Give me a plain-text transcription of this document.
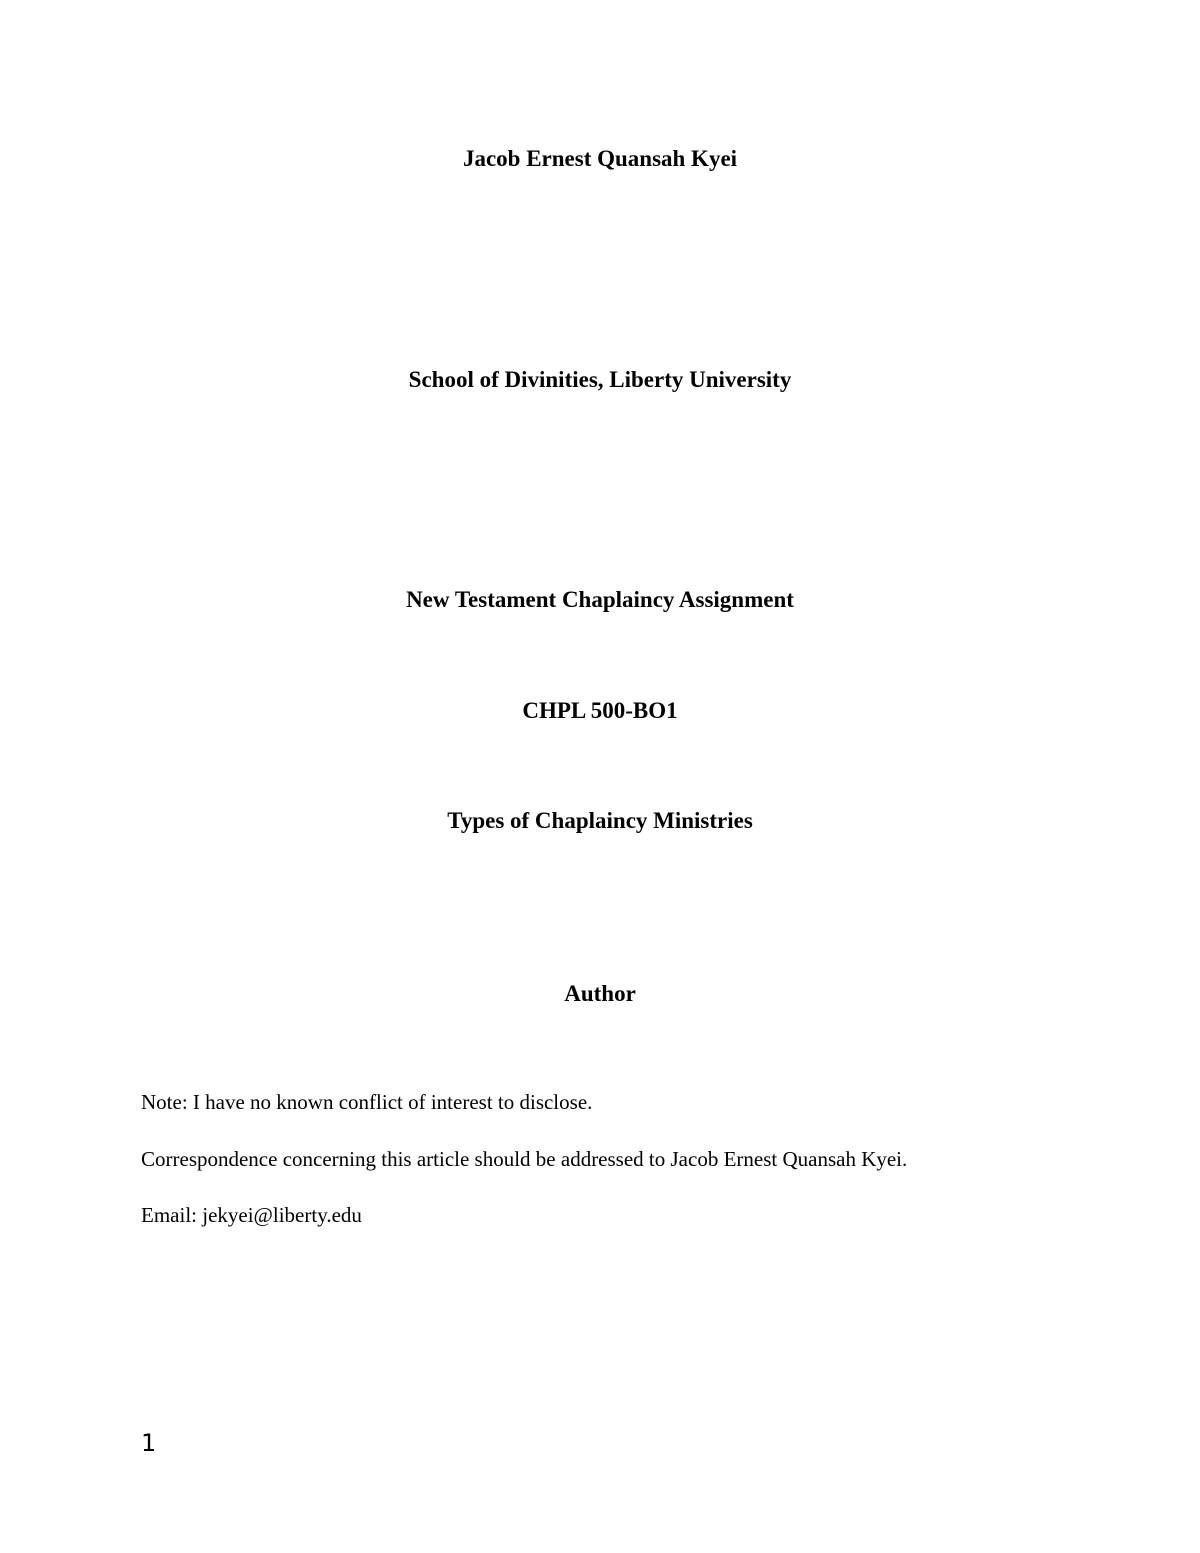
Jacob Ernest Quansah Kyei
School of Divinities, Liberty University
New Testament Chaplaincy Assignment
CHPL 500-BO1
Types of Chaplaincy Ministries
Author
Note: I have no known conflict of interest to disclose.
Correspondence concerning this article should be addressed to Jacob Ernest Quansah Kyei.
Email: jekyei@liberty.edu
1
